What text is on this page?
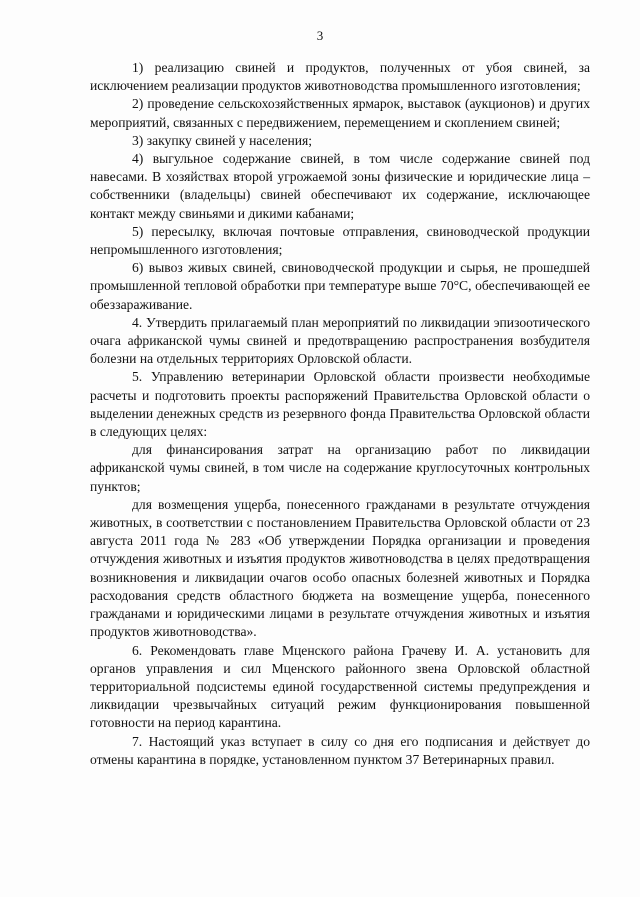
3

1) реализацию свиней и продуктов, полученных от убоя свиней, за исключением реализации продуктов животноводства промышленного изготовления;

2) проведение сельскохозяйственных ярмарок, выставок (аукционов) и других мероприятий, связанных с передвижением, перемещением и скоплением свиней;

3) закупку свиней у населения;

4) выгульное содержание свиней, в том числе содержание свиней под навесами. В хозяйствах второй угрожаемой зоны физические и юридические лица – собственники (владельцы) свиней обеспечивают их содержание, исключающее контакт между свиньями и дикими кабанами;

5) пересылку, включая почтовые отправления, свиноводческой продукции непромышленного изготовления;

6) вывоз живых свиней, свиноводческой продукции и сырья, не прошедшей промышленной тепловой обработки при температуре выше 70°С, обеспечивающей ее обеззараживание.

4. Утвердить прилагаемый план мероприятий по ликвидации эпизоотического очага африканской чумы свиней и предотвращению распространения возбудителя болезни на отдельных территориях Орловской области.

5. Управлению ветеринарии Орловской области произвести необходимые расчеты и подготовить проекты распоряжений Правительства Орловской области о выделении денежных средств из резервного фонда Правительства Орловской области в следующих целях:

для финансирования затрат на организацию работ по ликвидации африканской чумы свиней, в том числе на содержание круглосуточных контрольных пунктов;

для возмещения ущерба, понесенного гражданами в результате отчуждения животных, в соответствии с постановлением Правительства Орловской области от 23 августа 2011 года № 283 «Об утверждении Порядка организации и проведения отчуждения животных и изъятия продуктов животноводства в целях предотвращения возникновения и ликвидации очагов особо опасных болезней животных и Порядка расходования средств областного бюджета на возмещение ущерба, понесенного гражданами и юридическими лицами в результате отчуждения животных и изъятия продуктов животноводства».

6. Рекомендовать главе Мценского района Грачеву И. А. установить для органов управления и сил Мценского районного звена Орловской областной территориальной подсистемы единой государственной системы предупреждения и ликвидации чрезвычайных ситуаций режим функционирования повышенной готовности на период карантина.

7. Настоящий указ вступает в силу со дня его подписания и действует до отмены карантина в порядке, установленном пунктом 37 Ветеринарных правил.
